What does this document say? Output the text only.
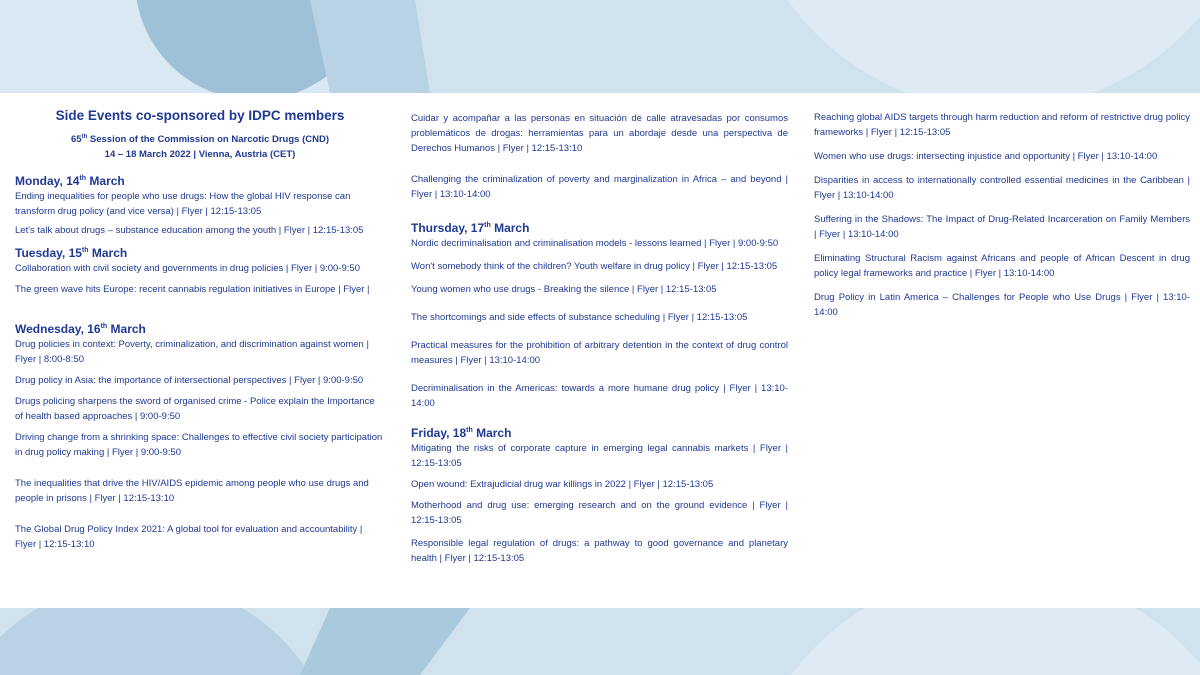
Side Events co-sponsored by IDPC members
65th Session of the Commission on Narcotic Drugs (CND)
14 – 18 March 2022 | Vienna, Austria (CET)
Monday, 14th March
Ending inequalities for people who use drugs: How the global HIV response can
transform drug policy (and vice versa) | Flyer | 12:15-13:05
Let's talk about drugs – substance education among the youth | Flyer | 12:15-13:05
Tuesday, 15th March
Collaboration with civil society and governments in drug policies | Flyer | 9:00-9:50
The green wave hits Europe: recent cannabis regulation initiatives in Europe | Flyer |
Wednesday, 16th March
Drug policies in context: Poverty, criminalization, and discrimination against women |
Flyer | 8:00-8:50
Drug policy in Asia: the importance of intersectional perspectives | Flyer | 9:00-9:50
Drugs policing sharpens the sword of organised crime - Police explain the Importance
of health based approaches | 9:00-9:50
Driving change from a shrinking space: Challenges to effective civil society participation
in drug policy making | Flyer | 9:00-9:50
The inequalities that drive the HIV/AIDS epidemic among people who use drugs and
people in prisons | Flyer | 12:15-13:10
The Global Drug Policy Index 2021: A global tool for evaluation and accountability |
Flyer | 12:15-13:10
Cuidar y acompañar a las personas en situación de calle atravesadas por consumos problemáticos de drogas: herramientas para un abordaje desde una perspectiva de Derechos Humanos | Flyer | 12:15-13:10
Challenging the criminalization of poverty and marginalization in Africa – and beyond | Flyer | 13:10-14:00
Thursday, 17th March
Nordic decriminalisation and criminalisation models - lessons learned | Flyer | 9:00-9:50
Won't somebody think of the children? Youth welfare in drug policy | Flyer | 12:15-13:05
Young women who use drugs - Breaking the silence | Flyer | 12:15-13:05
The shortcomings and side effects of substance scheduling | Flyer | 12:15-13:05
Practical measures for the prohibition of arbitrary detention in the context of drug control measures | Flyer | 13:10-14:00
Decriminalisation in the Americas: towards a more humane drug policy | Flyer | 13:10-14:00
Friday, 18th March
Mitigating the risks of corporate capture in emerging legal cannabis markets | Flyer | 12:15-13:05
Open wound: Extrajudicial drug war killings in 2022 | Flyer | 12:15-13:05
Motherhood and drug use: emerging research and on the ground evidence | Flyer | 12:15-13:05
Responsible legal regulation of drugs: a pathway to good governance and planetary health | Flyer | 12:15-13:05
Reaching global AIDS targets through harm reduction and reform of restrictive drug policy frameworks | Flyer | 12:15-13:05
Women who use drugs: intersecting injustice and opportunity | Flyer | 13:10-14:00
Disparities in access to internationally controlled essential medicines in the Caribbean | Flyer | 13:10-14:00
Suffering in the Shadows: The Impact of Drug-Related Incarceration on Family Members | Flyer | 13:10-14:00
Eliminating Structural Racism against Africans and people of African Descent in drug policy legal frameworks and practice | Flyer | 13:10-14:00
Drug Policy in Latin America – Challenges for People who Use Drugs | Flyer | 13:10-14:00
